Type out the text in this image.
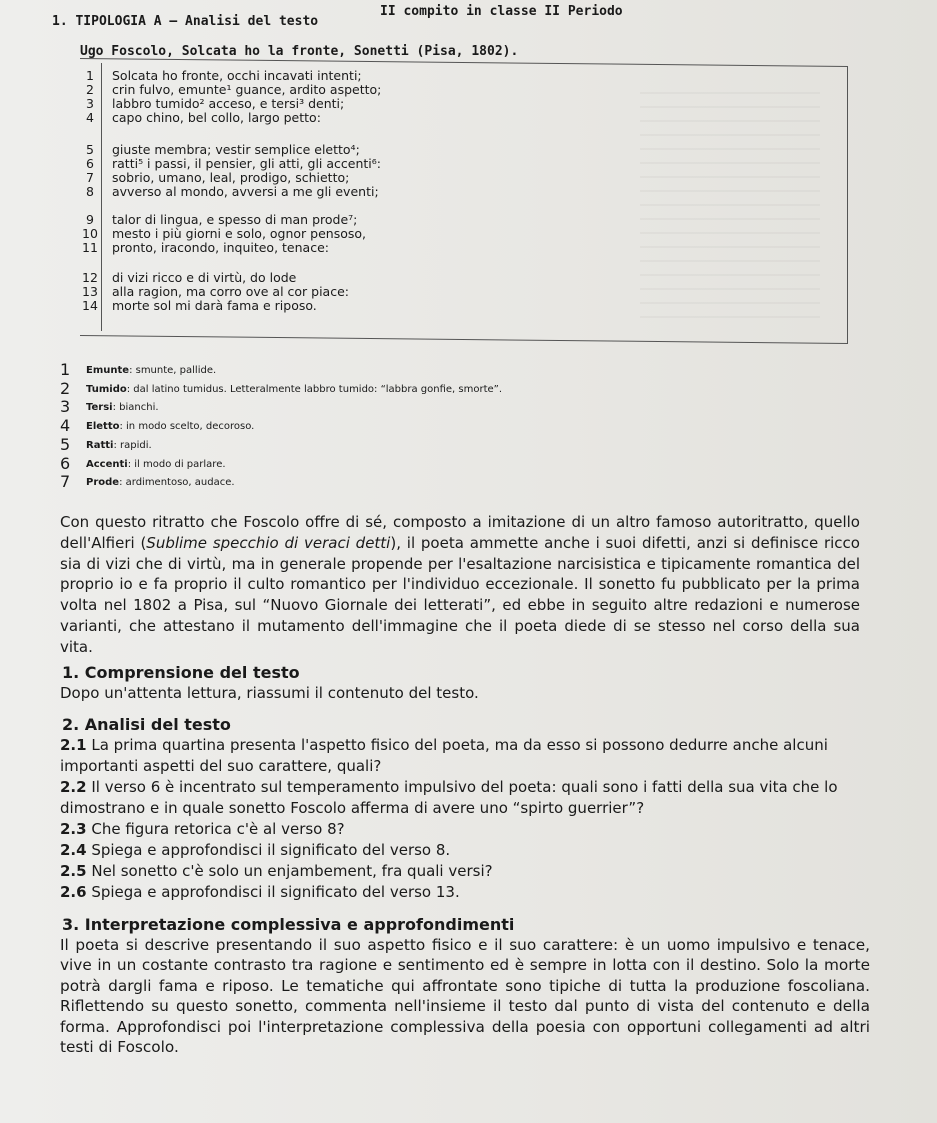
II compito in classe II Periodo
1. TIPOLOGIA A – Analisi del testo
Ugo Foscolo, Solcata ho la fronte, Sonetti (Pisa, 1802).
1	Solcata ho fronte, occhi incavati intenti;
2	crin fulvo, emunte¹ guance, ardito aspetto;
3	labbro tumido² acceso, e tersi³ denti;
4	capo chino, bel collo, largo petto:
5	giuste membra; vestir semplice eletto⁴;
6	ratti⁵ i passi, il pensier, gli atti, gli accenti⁶:
7	sobrio, umano, leal, prodigo, schietto;
8	avverso al mondo, avversi a me gli eventi;
9	talor di lingua, e spesso di man prode⁷;
10 mesto i più giorni e solo, ognor pensoso,
11 pronto, iracondo, inquiteo, tenace:
12 di vizi ricco e di virtù, do lode
13 alla ragion, ma corro ove al cor piace:
14 morte sol mi darà fama e riposo.
1 Emunte: smunte, pallide.
2 Tumido: dal latino tumidus. Letteralmente labbro tumido: “labbra gonfie, smorte”.
3 Tersi: bianchi.
4 Eletto: in modo scelto, decoroso.
5 Ratti: rapidi.
6 Accenti: il modo di parlare.
7 Prode: ardimentoso, audace.
Con questo ritratto che Foscolo offre di sé, composto a imitazione di un altro famoso autoritratto, quello dell'Alfieri (Sublime specchio di veraci detti), il poeta ammette anche i suoi difetti, anzi si definisce ricco sia di vizi che di virtù, ma in generale propende per l'esaltazione narcisistica e tipicamente romantica del proprio io e fa proprio il culto romantico per l'individuo eccezionale. Il sonetto fu pubblicato per la prima volta nel 1802 a Pisa, sul “Nuovo Giornale dei letterati”, ed ebbe in seguito altre redazioni e numerose varianti, che attestano il mutamento dell'immagine che il poeta diede di se stesso nel corso della sua vita.
1. Comprensione del testo
Dopo un'attenta lettura, riassumi il contenuto del testo.
2. Analisi del testo
2.1 La prima quartina presenta l'aspetto fisico del poeta, ma da esso si possono dedurre anche alcuni importanti aspetti del suo carattere, quali?
2.2 Il verso 6 è incentrato sul temperamento impulsivo del poeta: quali sono i fatti della sua vita che lo dimostrano e in quale sonetto Foscolo afferma di avere uno “spirto guerrier”?
2.3 Che figura retorica c'è al verso 8?
2.4 Spiega e approfondisci il significato del verso 8.
2.5 Nel sonetto c'è solo un enjambement, fra quali versi?
2.6 Spiega e approfondisci il significato del verso 13.
3. Interpretazione complessiva e approfondimenti
Il poeta si descrive presentando il suo aspetto fisico e il suo carattere: è un uomo impulsivo e tenace, vive in un costante contrasto tra ragione e sentimento ed è sempre in lotta con il destino. Solo la morte potrà dargli fama e riposo. Le tematiche qui affrontate sono tipiche di tutta la produzione foscoliana. Riflettendo su questo sonetto, commenta nell'insieme il testo dal punto di vista del contenuto e della forma. Approfondisci poi l'interpretazione complessiva della poesia con opportuni collegamenti ad altri testi di Foscolo.
